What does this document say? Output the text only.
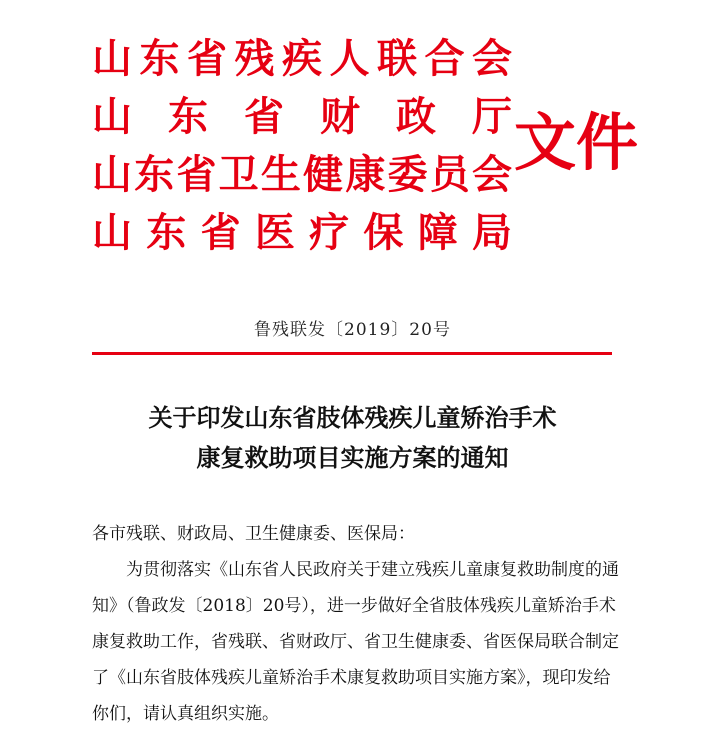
山 东 省 残 疾 人 联 合 会
山 东 省 财 政 厅
山 东 省 卫 生 健 康 委 员 会
山 东 省 医 疗 保 障 局
文件
鲁残联发〔2019〕20号
关于印发山东省肢体残疾儿童矫治手术
康复救助项目实施方案的通知

各市残联、财政局、卫生健康委、医保局：

为贯彻落实《山东省人民政府关于建立残疾儿童康复救助制度的通知》（鲁政发〔2018〕20号），进一步做好全省肢体残疾儿童矫治手术康复救助工作，省残联、省财政厅、省卫生健康委、省医保局联合制定了《山东省肢体残疾儿童矫治手术康复救助项目实施方案》，现印发给你们，请认真组织实施。
